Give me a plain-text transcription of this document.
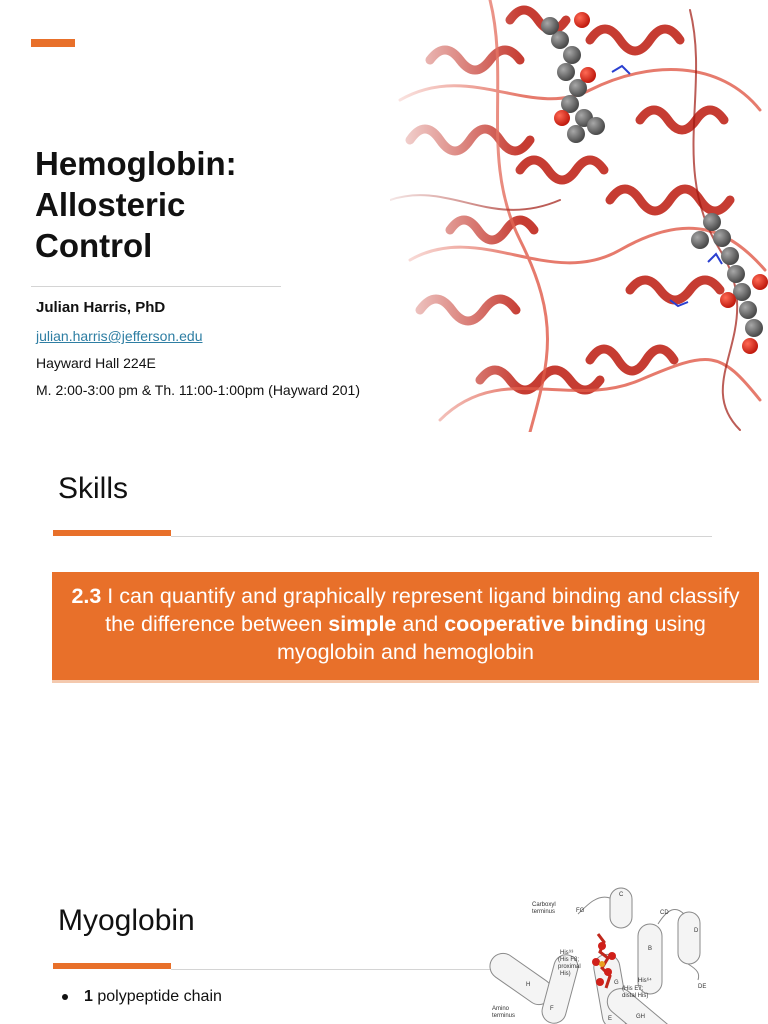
Hemoglobin:
Allosteric
Control
Julian Harris, PhD
julian.harris@jefferson.edu
Hayward Hall 224E
M. 2:00-3:00 pm & Th. 11:00-1:00pm (Hayward 201)
Skills
2.3 I can quantify and graphically represent ligand binding and classify the difference between simple and cooperative binding using myoglobin and hemoglobin
Myoglobin
1 polypeptide chain
Carboxyl
terminus	FG
C
CD
D
DE
B
H
F
G
E	GH
His⁹³
(His F8;
proximal
His)
His⁶⁴
(His E7;
distal His)
Amino
terminus
